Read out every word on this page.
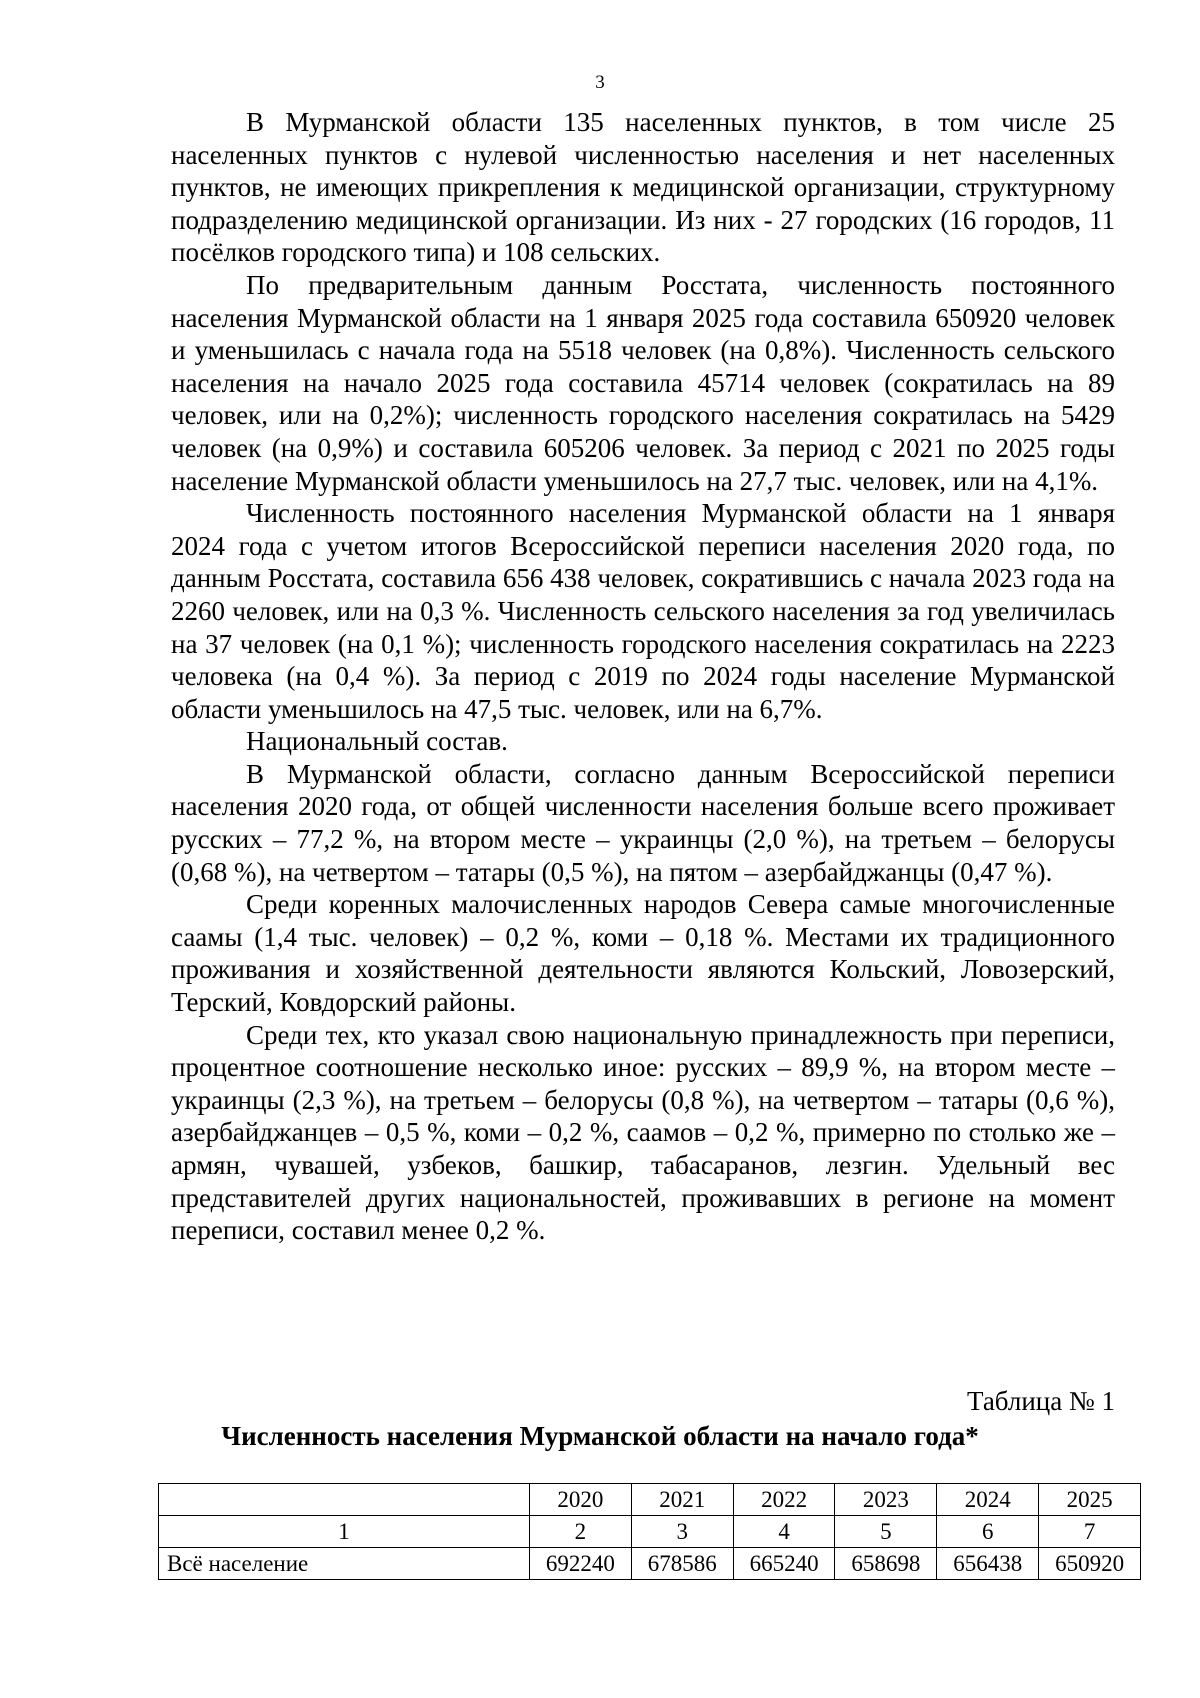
3

В Мурманской области 135 населенных пунктов, в том числе 25 населенных пунктов с нулевой численностью населения и нет населенных пунктов, не имеющих прикрепления к медицинской организации, структурному подразделению медицинской организации. Из них - 27 городских (16 городов, 11 посёлков городского типа) и 108 сельских.

По предварительным данным Росстата, численность постоянного населения Мурманской области на 1 января 2025 года составила 650920 человек и уменьшилась с начала года на 5518 человек (на 0,8%). Численность сельского населения на начало 2025 года составила 45714 человек (сократилась на 89 человек, или на 0,2%); численность городского населения сократилась на 5429 человек (на 0,9%) и составила 605206 человек. За период с 2021 по 2025 годы население Мурманской области уменьшилось на 27,7 тыс. человек, или на 4,1%.

Численность постоянного населения Мурманской области на 1 января 2024 года с учетом итогов Всероссийской переписи населения 2020 года, по данным Росстата, составила 656 438 человек, сократившись с начала 2023 года на 2260 человек, или на 0,3 %. Численность сельского населения за год увеличилась на 37 человек (на 0,1 %); численность городского населения сократилась на 2223 человека (на 0,4 %). За период с 2019 по 2024 годы население Мурманской области уменьшилось на 47,5 тыс. человек, или на 6,7%.

Национальный состав.

В Мурманской области, согласно данным Всероссийской переписи населения 2020 года, от общей численности населения больше всего проживает русских – 77,2 %, на втором месте – украинцы (2,0 %), на третьем – белорусы (0,68 %), на четвертом – татары (0,5 %), на пятом – азербайджанцы (0,47 %).

Среди коренных малочисленных народов Севера самые многочисленные саамы (1,4 тыс. человек) – 0,2 %, коми – 0,18 %. Местами их традиционного проживания и хозяйственной деятельности являются Кольский, Ловозерский, Терский, Ковдорский районы.

Среди тех, кто указал свою национальную принадлежность при переписи, процентное соотношение несколько иное: русских – 89,9 %, на втором месте – украинцы (2,3 %), на третьем – белорусы (0,8 %), на четвертом – татары (0,6 %), азербайджанцев – 0,5 %, коми – 0,2 %, саамов – 0,2 %, примерно по столько же – армян, чувашей, узбеков, башкир, табасаранов, лезгин. Удельный вес представителей других национальностей, проживавших в регионе на момент переписи, составил менее 0,2 %.

Таблица № 1
Численность населения Мурманской области на начало года*
	2020	2021	2022	2023	2024	2025
1	2	3	4	5	6	7
Всё население	692240	678586	665240	658698	656438	650920
